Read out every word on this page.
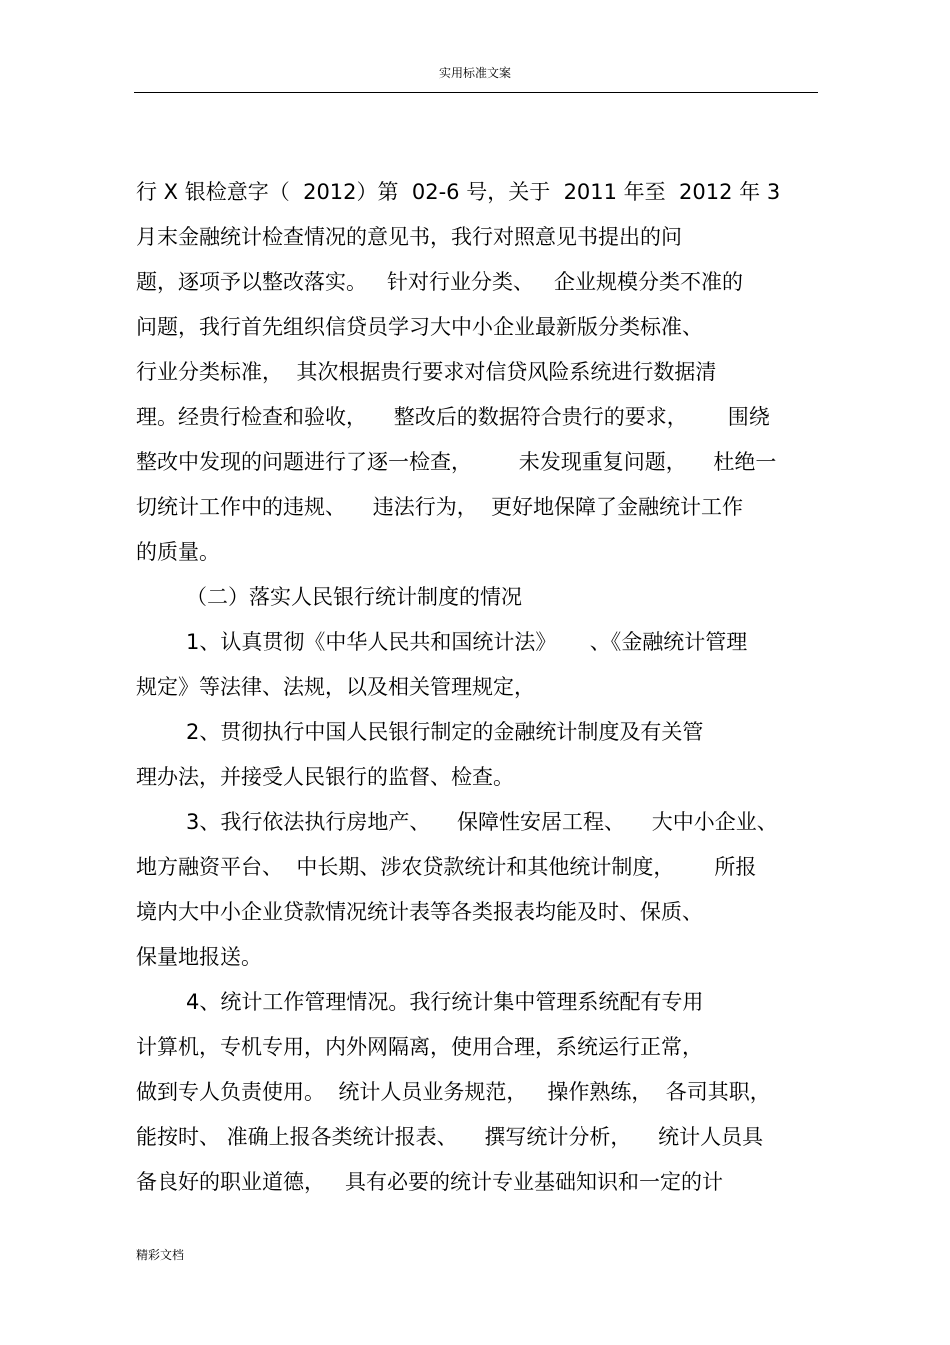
实用标准文案
行 X 银检意字（  2012）第  02-6 号，关于  2011 年至  2012 年 3
月末金融统计检查情况的意见书，我行对照意见书提出的问
题，逐项予以整改落实。   针对行业分类、   企业规模分类不准的
问题，我行首先组织信贷员学习大中小企业最新版分类标准、
行业分类标准，  其次根据贵行要求对信贷风险系统进行数据清
理。经贵行检查和验收，    整改后的数据符合贵行的要求，      围绕
整改中发现的问题进行了逐一检查，       未发现重复问题，    杜绝一
切统计工作中的违规、    违法行为，  更好地保障了金融统计工作
的质量。
（二）落实人民银行统计制度的情况
1、认真贯彻《中华人民共和国统计法》     、《金融统计管理
规定》等法律、法规，以及相关管理规定，
2、贯彻执行中国人民银行制定的金融统计制度及有关管
理办法，并接受人民银行的监督、检查。
3、我行依法执行房地产、    保障性安居工程、    大中小企业、
地方融资平台、  中长期、涉农贷款统计和其他统计制度，      所报
境内大中小企业贷款情况统计表等各类报表均能及时、保质、
保量地报送。
4、统计工作管理情况。我行统计集中管理系统配有专用
计算机，专机专用，内外网隔离，使用合理，系统运行正常，
做到专人负责使用。  统计人员业务规范，   操作熟练，  各司其职，
能按时、 准确上报各类统计报表、    撰写统计分析，    统计人员具
备良好的职业道德，   具有必要的统计专业基础知识和一定的计
精彩文档
